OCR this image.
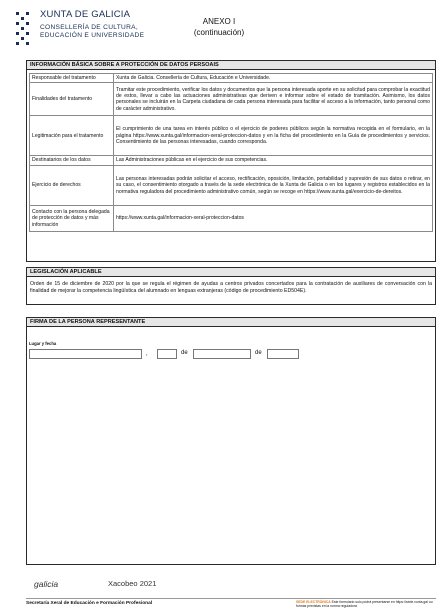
XUNTA DE GALICIA
CONSELLERÍA DE CULTURA,
EDUCACIÓN E UNIVERSIDADE
ANEXO I
(continuación)
INFORMACIÓN BÁSICA SOBRE A PROTECCIÓN DE DATOS PERSOAIS
Responsable del tratamento	Xunta de Galicia. Consellería de Cultura, Educación e Universidade.
Finalidades del tratamento	Tramitar este procedimiento, verificar los datos y documentos que la persona interesada aporte en su solicitud para comprobar la exactitud de estos, llevar a cabo las actuaciones administrativas que deriven e informar sobre el estado de tramitación. Asimismo, los datos personales se incluirán en la Carpeta ciudadana de cada persona interesada para facilitar el acceso a la información, tanto personal como de carácter administrativo.
Legitimación para el tratamento	El cumprimiento de una tarea en interés público o el ejercicio de poderes públicos según la normativa recogida en el formulario, en la página https://www.xunta.gal/informacion-xeral-proteccion-datos y en la ficha del procedimiento en la Guía de procedimientos y servicios. Consentimiento de las personas interesadas, cuando corresponda.
Destinatarios de los datos	Las Administraciones públicas en el ejercicio de sus competencias.
Ejercicio de derechos	Las personas interesadas podrán solicitar el acceso, rectificación, oposición, limitación, portabilidad y supresión de sus datos o retirar, en su caso, el consentimiento otorgado a través de la sede electrónica de la Xunta de Galicia o en los lugares y registros establecidos en la normativa reguladora del procedimiento administrativo común, según se recoge en https://www.xunta.gal/exercicio-de-dereitos.
Contacto con la persona delegada de protección de datos y más información	https://www.xunta.gal/informacion-xeral-proteccion-datos
LEGISLACIÓN APLICABLE
Orden de 15 de diciembre de 2020 por la que se regula el régimen de ayudas a centros privados concertados para la contratación de auxiliares de conversación con la finalidad de mejorar la competencia lingüística del alumnado en lenguas extranjeras (código de procedimiento ED504E).
FIRMA DE LA PERSONA REPRESENTANTE
Lugar y fecha
,	de	de
galicia	Xacobeo 2021
Secretaría Xeral de Educación e Formación Profesional	SEDE ELECTRÓNICA Este formulario solo podrá presentarse en https://sede.xunta.gal ou formas previstas en la norma reguladora
